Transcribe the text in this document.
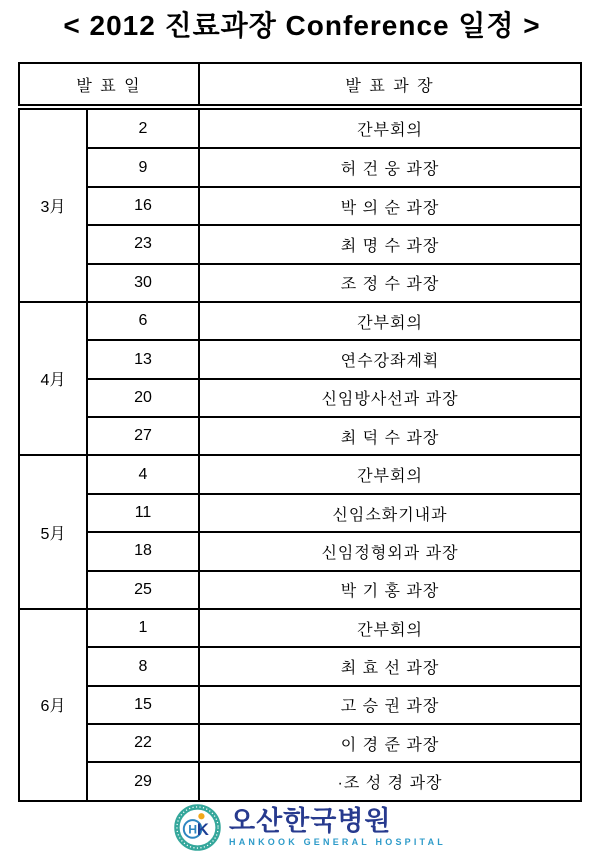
< 2012 진료과장 Conference 일정 >
발 표 일		발 표 과 장
3月	2	간부회의
	9	허 건 웅 과장
	16	박 의 순 과장
	23	최 명 수 과장
	30	조 정 수 과장
4月	6	간부회의
	13	연수강좌계획
	20	신임방사선과 과장
	27	최 덕 수 과장
5月	4	간부회의
	11	신임소화기내과
	18	신임정형외과 과장
	25	박 기 홍 과장
6月	1	간부회의
	8	최 효 선 과장
	15	고 승 권 과장
	22	이 경 준 과장
	29	·조 성 경 과장
H K 오산한국병원
HANKOOK GENERAL HOSPITAL
